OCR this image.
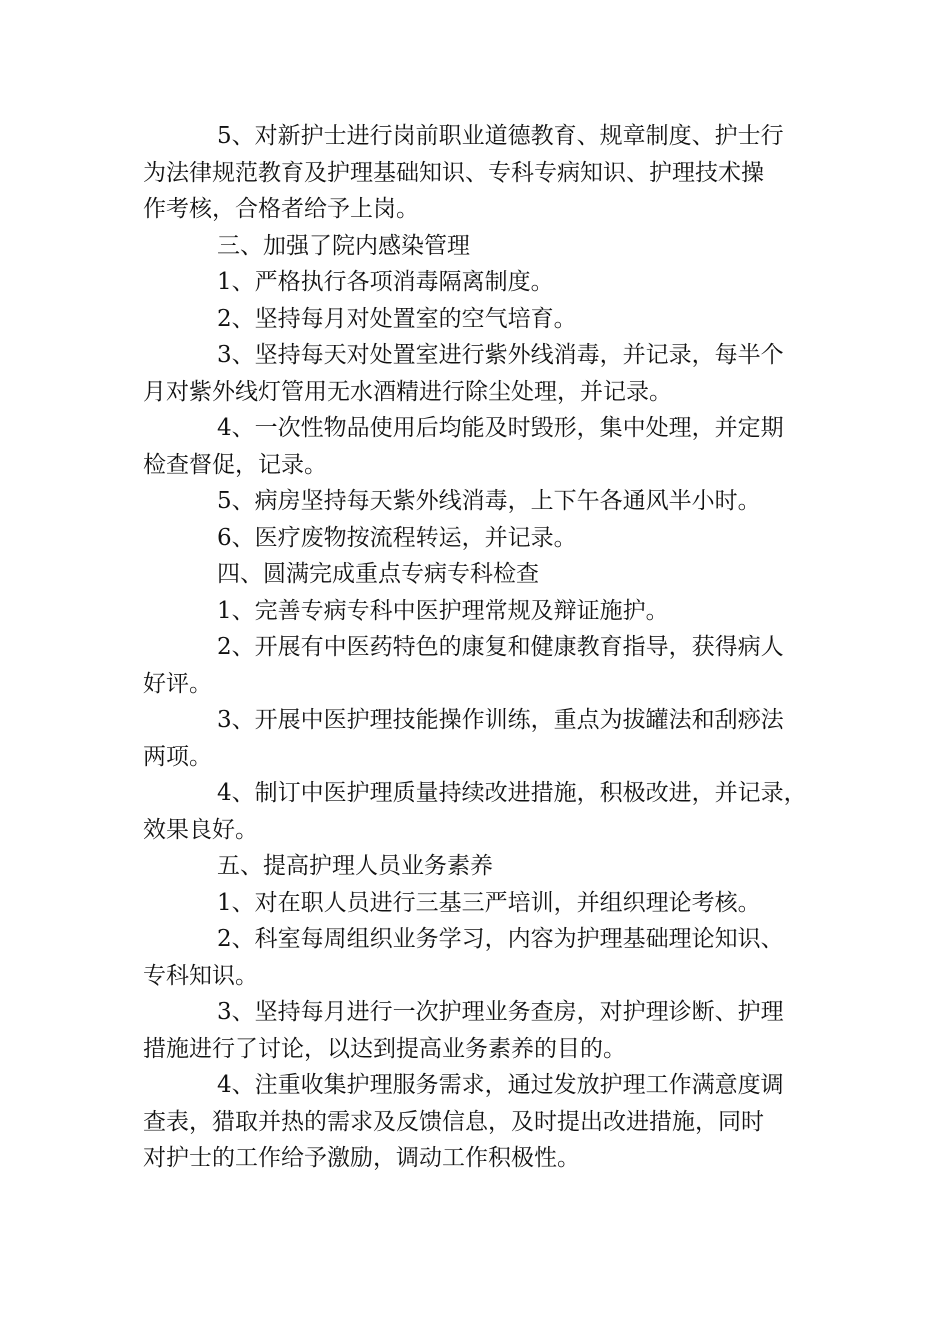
5、对新护士进行岗前职业道德教育、规章制度、护士行
为法律规范教育及护理基础知识、专科专病知识、护理技术操
作考核，合格者给予上岗。

三、加强了院内感染管理

1、严格执行各项消毒隔离制度。

2、坚持每月对处置室的空气培育。

3、坚持每天对处置室进行紫外线消毒，并记录，每半个
月对紫外线灯管用无水酒精进行除尘处理，并记录。

4、一次性物品使用后均能及时毁形，集中处理，并定期
检查督促，记录。

5、病房坚持每天紫外线消毒，上下午各通风半小时。

6、医疗废物按流程转运，并记录。

四、圆满完成重点专病专科检查

1、完善专病专科中医护理常规及辩证施护。

2、开展有中医药特色的康复和健康教育指导，获得病人
好评。

3、开展中医护理技能操作训练，重点为拔罐法和刮痧法
两项。

4、制订中医护理质量持续改进措施，积极改进，并记录，
效果良好。

五、提高护理人员业务素养

1、对在职人员进行三基三严培训，并组织理论考核。

2、科室每周组织业务学习，内容为护理基础理论知识、
专科知识。

3、坚持每月进行一次护理业务查房，对护理诊断、护理
措施进行了讨论，以达到提高业务素养的目的。

4、注重收集护理服务需求，通过发放护理工作满意度调
查表，猎取并热的需求及反馈信息，及时提出改进措施，同时
对护士的工作给予激励，调动工作积极性。
